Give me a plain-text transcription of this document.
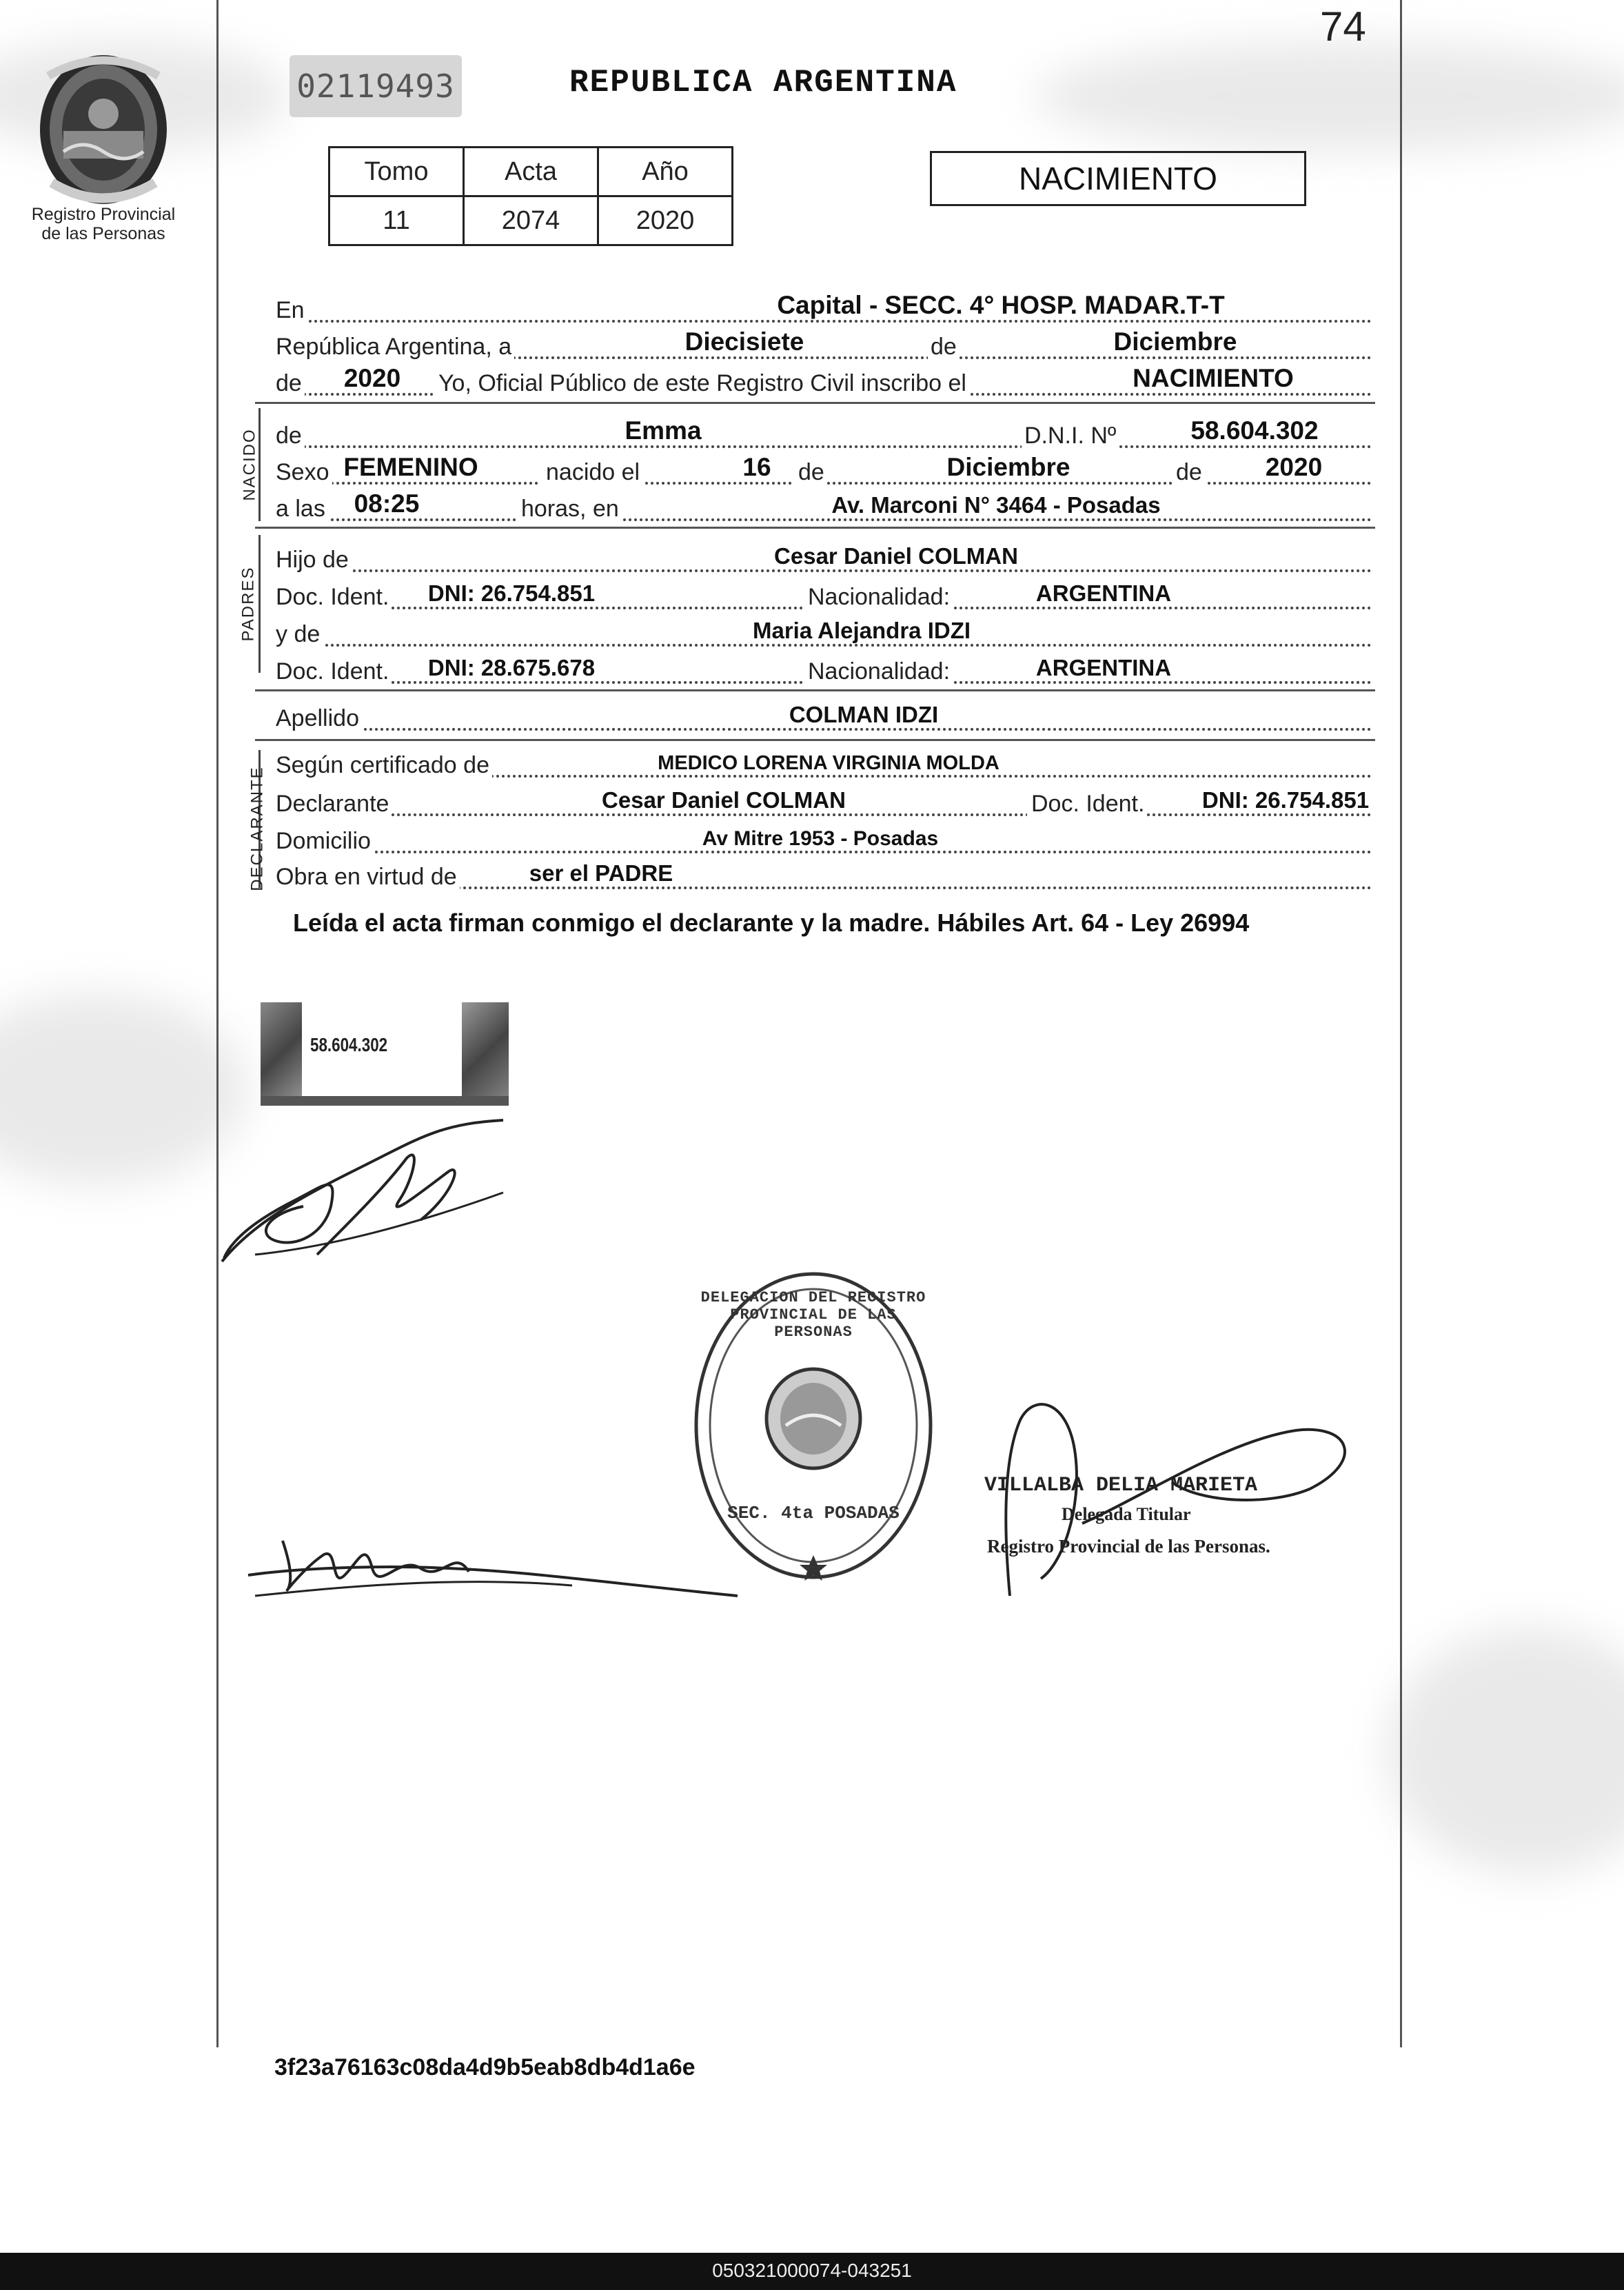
74
Registro Provincial
de las Personas
02119493	REPUBLICA ARGENTINA
Tomo	Acta	Año
11	2074	2020
NACIMIENTO
En	Capital - SECC. 4° HOSP. MADAR.T-T
República Argentina, a	de
Diecisiete	Diciembre
de 2020 Yo, Oficial Público de este Registro Civil inscribo el	NACIMIENTO
NACIDO de	Emma	D.N.I. Nº	58.604.302
Sexo FEMENINO	nacido el	16 de	Diciembre	de 2020
a las 08:25	horas, en	Av. Marconi N° 3464 - Posadas
PADRES
Hijo de	Cesar Daniel COLMAN
Doc. Ident. DNI: 26.754.851	Nacionalidad:	ARGENTINA
y de	Maria Alejandra IDZI
Doc. Ident. DNI: 28.675.678	Nacionalidad:	ARGENTINA
Apellido	COLMAN IDZI
DECLARANTE
Según certificado de	MEDICO LORENA VIRGINIA MOLDA
Declarante	Cesar Daniel COLMAN	Doc. Ident.	DNI: 26.754.851
Domicilio	Av Mitre 1953 - Posadas
Obra en virtud de	ser el PADRE
Leída el acta firman conmigo el declarante y la madre. Hábiles Art. 64 - Ley 26994
58.604.302
DELEGACION DEL REGISTRO PROVINCIAL DE LAS PERSONAS
SEC. 4ta POSADAS
VILLALBA DELIA MARIETA
Delegada Titular
Registro Provincial de las Personas.
3f23a76163c08da4d9b5eab8db4d1a6e
050321000074-043251
